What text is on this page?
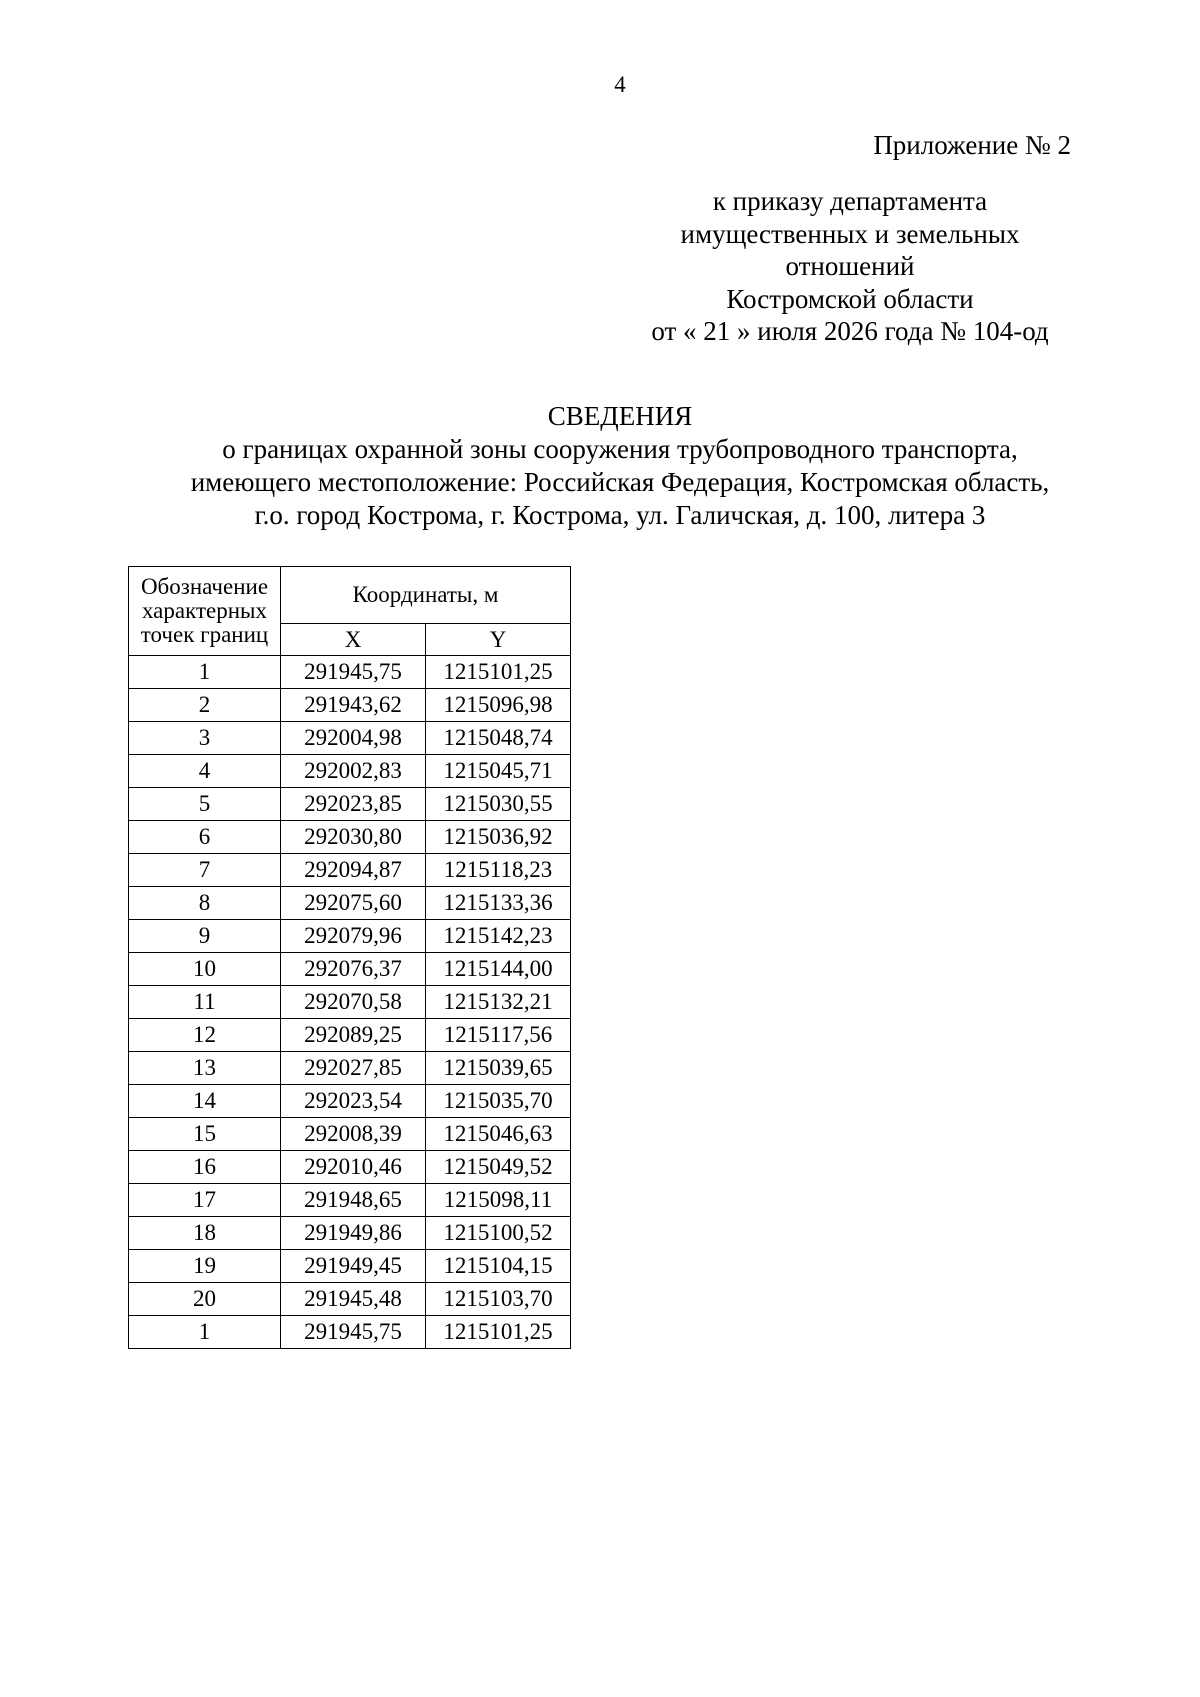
4
Приложение № 2
к приказу департамента
имущественных и земельных
отношений
Костромской области
от « 21 » июля 2026 года № 104-од
СВЕДЕНИЯ
о границах охранной зоны сооружения трубопроводного транспорта,
имеющего местоположение: Российская Федерация, Костромская область,
г.о. город Кострома, г. Кострома, ул. Галичская, д. 100, литера 3
Обозначение характерных точек границ	Координаты, м	
	X	Y
1	291945,75	1215101,25
2	291943,62	1215096,98
3	292004,98	1215048,74
4	292002,83	1215045,71
5	292023,85	1215030,55
6	292030,80	1215036,92
7	292094,87	1215118,23
8	292075,60	1215133,36
9	292079,96	1215142,23
10	292076,37	1215144,00
11	292070,58	1215132,21
12	292089,25	1215117,56
13	292027,85	1215039,65
14	292023,54	1215035,70
15	292008,39	1215046,63
16	292010,46	1215049,52
17	291948,65	1215098,11
18	291949,86	1215100,52
19	291949,45	1215104,15
20	291945,48	1215103,70
1	291945,75	1215101,25
